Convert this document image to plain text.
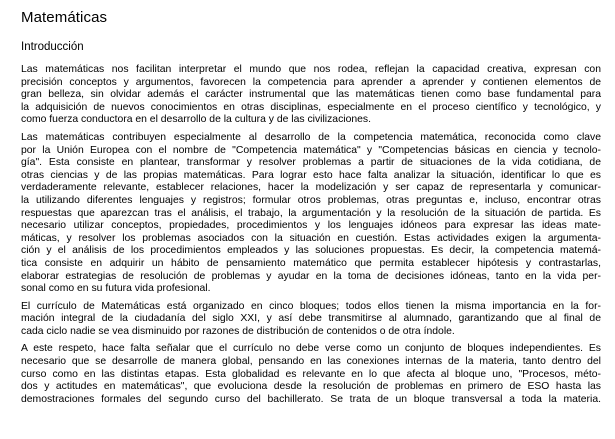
Matemáticas
Introducción

Las matemáticas nos facilitan interpretar el mundo que nos rodea, reflejan la capacidad creativa, expresan con
precisión conceptos y argumentos, favorecen la competencia para aprender a aprender y contienen elementos de
gran belleza, sin olvidar además el carácter instrumental que las matemáticas tienen como base fundamental para
la adquisición de nuevos conocimientos en otras disciplinas, especialmente en el proceso científico y tecnológico, y
como fuerza conductora en el desarrollo de la cultura y de las civilizaciones.

Las matemáticas contribuyen especialmente al desarrollo de la competencia matemática, reconocida como clave
por la Unión Europea con el nombre de "Competencia matemática" y "Competencias básicas en ciencia y tecnolo-
gía". Esta consiste en plantear, transformar y resolver problemas a partir de situaciones de la vida cotidiana, de
otras ciencias y de las propias matemáticas. Para lograr esto hace falta analizar la situación, identificar lo que es
verdaderamente relevante, establecer relaciones, hacer la modelización y ser capaz de representarla y comunicar-
la utilizando diferentes lenguajes y registros; formular otros problemas, otras preguntas e, incluso, encontrar otras
respuestas que aparezcan tras el análisis, el trabajo, la argumentación y la resolución de la situación de partida. Es
necesario utilizar conceptos, propiedades, procedimientos y los lenguajes idóneos para expresar las ideas mate-
máticas, y resolver los problemas asociados con la situación en cuestión. Estas actividades exigen la argumenta-
ción y el análisis de los procedimientos empleados y las soluciones propuestas. Es decir, la competencia matemá-
tica consiste en adquirir un hábito de pensamiento matemático que permita establecer hipótesis y contrastarlas,
elaborar estrategias de resolución de problemas y ayudar en la toma de decisiones idóneas, tanto en la vida per-
sonal como en su futura vida profesional.

El currículo de Matemáticas está organizado en cinco bloques; todos ellos tienen la misma importancia en la for-
mación integral de la ciudadanía del siglo XXI, y así debe transmitirse al alumnado, garantizando que al final de
cada ciclo nadie se vea disminuido por razones de distribución de contenidos o de otra índole.

A este respeto, hace falta señalar que el currículo no debe verse como un conjunto de bloques independientes. Es
necesario que se desarrolle de manera global, pensando en las conexiones internas de la materia, tanto dentro del
curso como en las distintas etapas. Esta globalidad es relevante en lo que afecta al bloque uno, "Procesos, méto-
dos y actitudes en matemáticas", que evoluciona desde la resolución de problemas en primero de ESO hasta las
demostraciones formales del segundo curso del bachillerato. Se trata de un bloque transversal a toda la materia.
